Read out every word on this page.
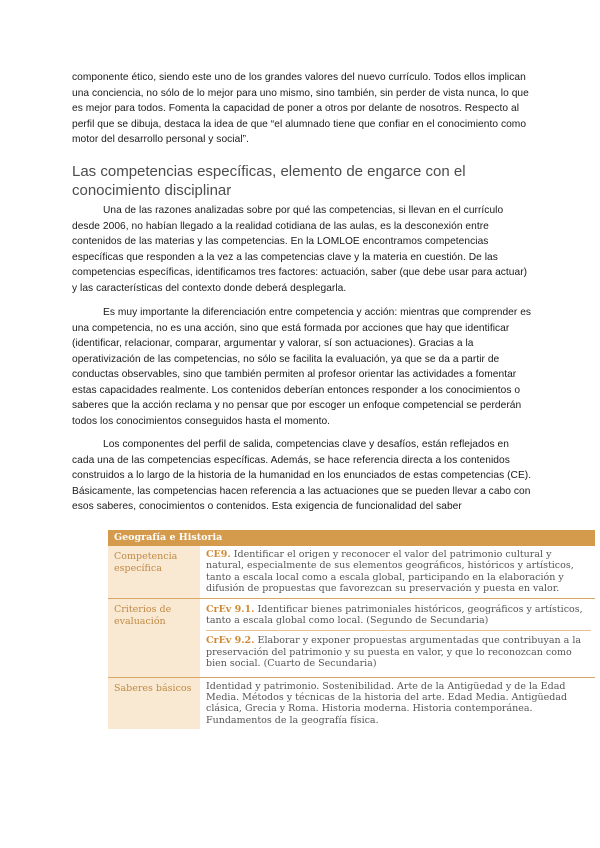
componente ético, siendo este uno de los grandes valores del nuevo currículo. Todos ellos implican una conciencia, no sólo de lo mejor para uno mismo, sino también, sin perder de vista nunca, lo que es mejor para todos. Fomenta la capacidad de poner a otros por delante de nosotros. Respecto al perfil que se dibuja, destaca la idea de que “el alumnado tiene que confiar en el conocimiento como motor del desarrollo personal y social”.

Las competencias específicas, elemento de engarce con el conocimiento disciplinar

Una de las razones analizadas sobre por qué las competencias, si llevan en el currículo desde 2006, no habían llegado a la realidad cotidiana de las aulas, es la desconexión entre contenidos de las materias y las competencias. En la LOMLOE encontramos competencias específicas que responden a la vez a las competencias clave y la materia en cuestión. De las competencias específicas, identificamos tres factores: actuación, saber (que debe usar para actuar) y las características del contexto donde deberá desplegarla.

Es muy importante la diferenciación entre competencia y acción: mientras que comprender es una competencia, no es una acción, sino que está formada por acciones que hay que identificar (identificar, relacionar, comparar, argumentar y valorar, sí son actuaciones). Gracias a la operativización de las competencias, no sólo se facilita la evaluación, ya que se da a partir de conductas observables, sino que también permiten al profesor orientar las actividades a fomentar estas capacidades realmente. Los contenidos deberían entonces responder a los conocimientos o saberes que la acción reclama y no pensar que por escoger un enfoque competencial se perderán todos los conocimientos conseguidos hasta el momento.

Los componentes del perfil de salida, competencias clave y desafíos, están reflejados en cada una de las competencias específicas. Además, se hace referencia directa a los contenidos construidos a lo largo de la historia de la humanidad en los enunciados de estas competencias (CE). Básicamente, las competencias hacen referencia a las actuaciones que se pueden llevar a cabo con esos saberes, conocimientos o contenidos. Esta exigencia de funcionalidad del saber

Geografía e Historia
Competencia específica
CE9. Identificar el origen y reconocer el valor del patrimonio cultural y natural, especialmente de sus elementos geográficos, históricos y artísticos, tanto a escala local como a escala global, participando en la elaboración y difusión de propuestas que favorezcan su preservación y puesta en valor.
Criterios de evaluación
CrEv 9.1. Identificar bienes patrimoniales históricos, geográficos y artísticos, tanto a escala global como local. (Segundo de Secundaria)
CrEv 9.2. Elaborar y exponer propuestas argumentadas que contribuyan a la preservación del patrimonio y su puesta en valor, y que lo reconozcan como bien social. (Cuarto de Secundaria)
Saberes básicos	Identidad y patrimonio. Sostenibilidad. Arte de la Antigüedad y de la Edad Media. Métodos y técnicas de la historia del arte. Edad Media. Antigüedad clásica, Grecia y Roma. Historia moderna. Historia contemporánea. Fundamentos de la geografía física.
